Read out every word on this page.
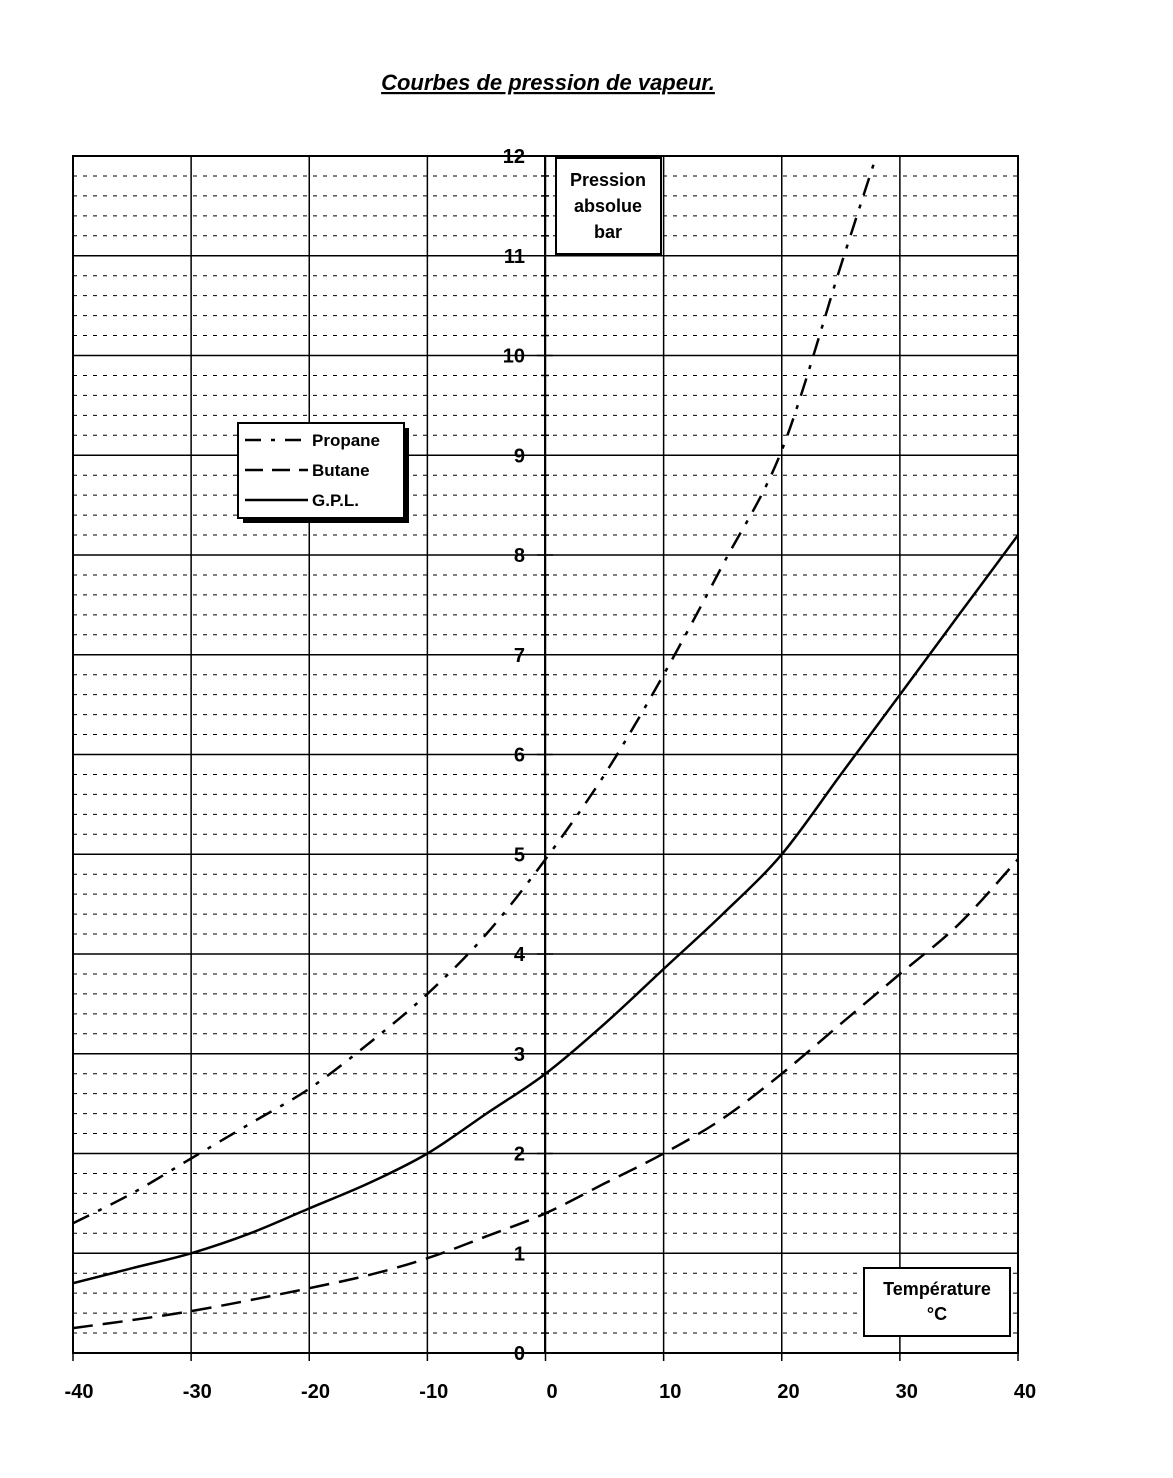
Courbes de pression de vapeur.
0
1
2
3
4
5
6
7
8
9
10
11
12
-40	-30	-20	-10	0	10	20	30	40
Pression
absolue
bar
Température
°C
Propane
Butane
G.P.L.
